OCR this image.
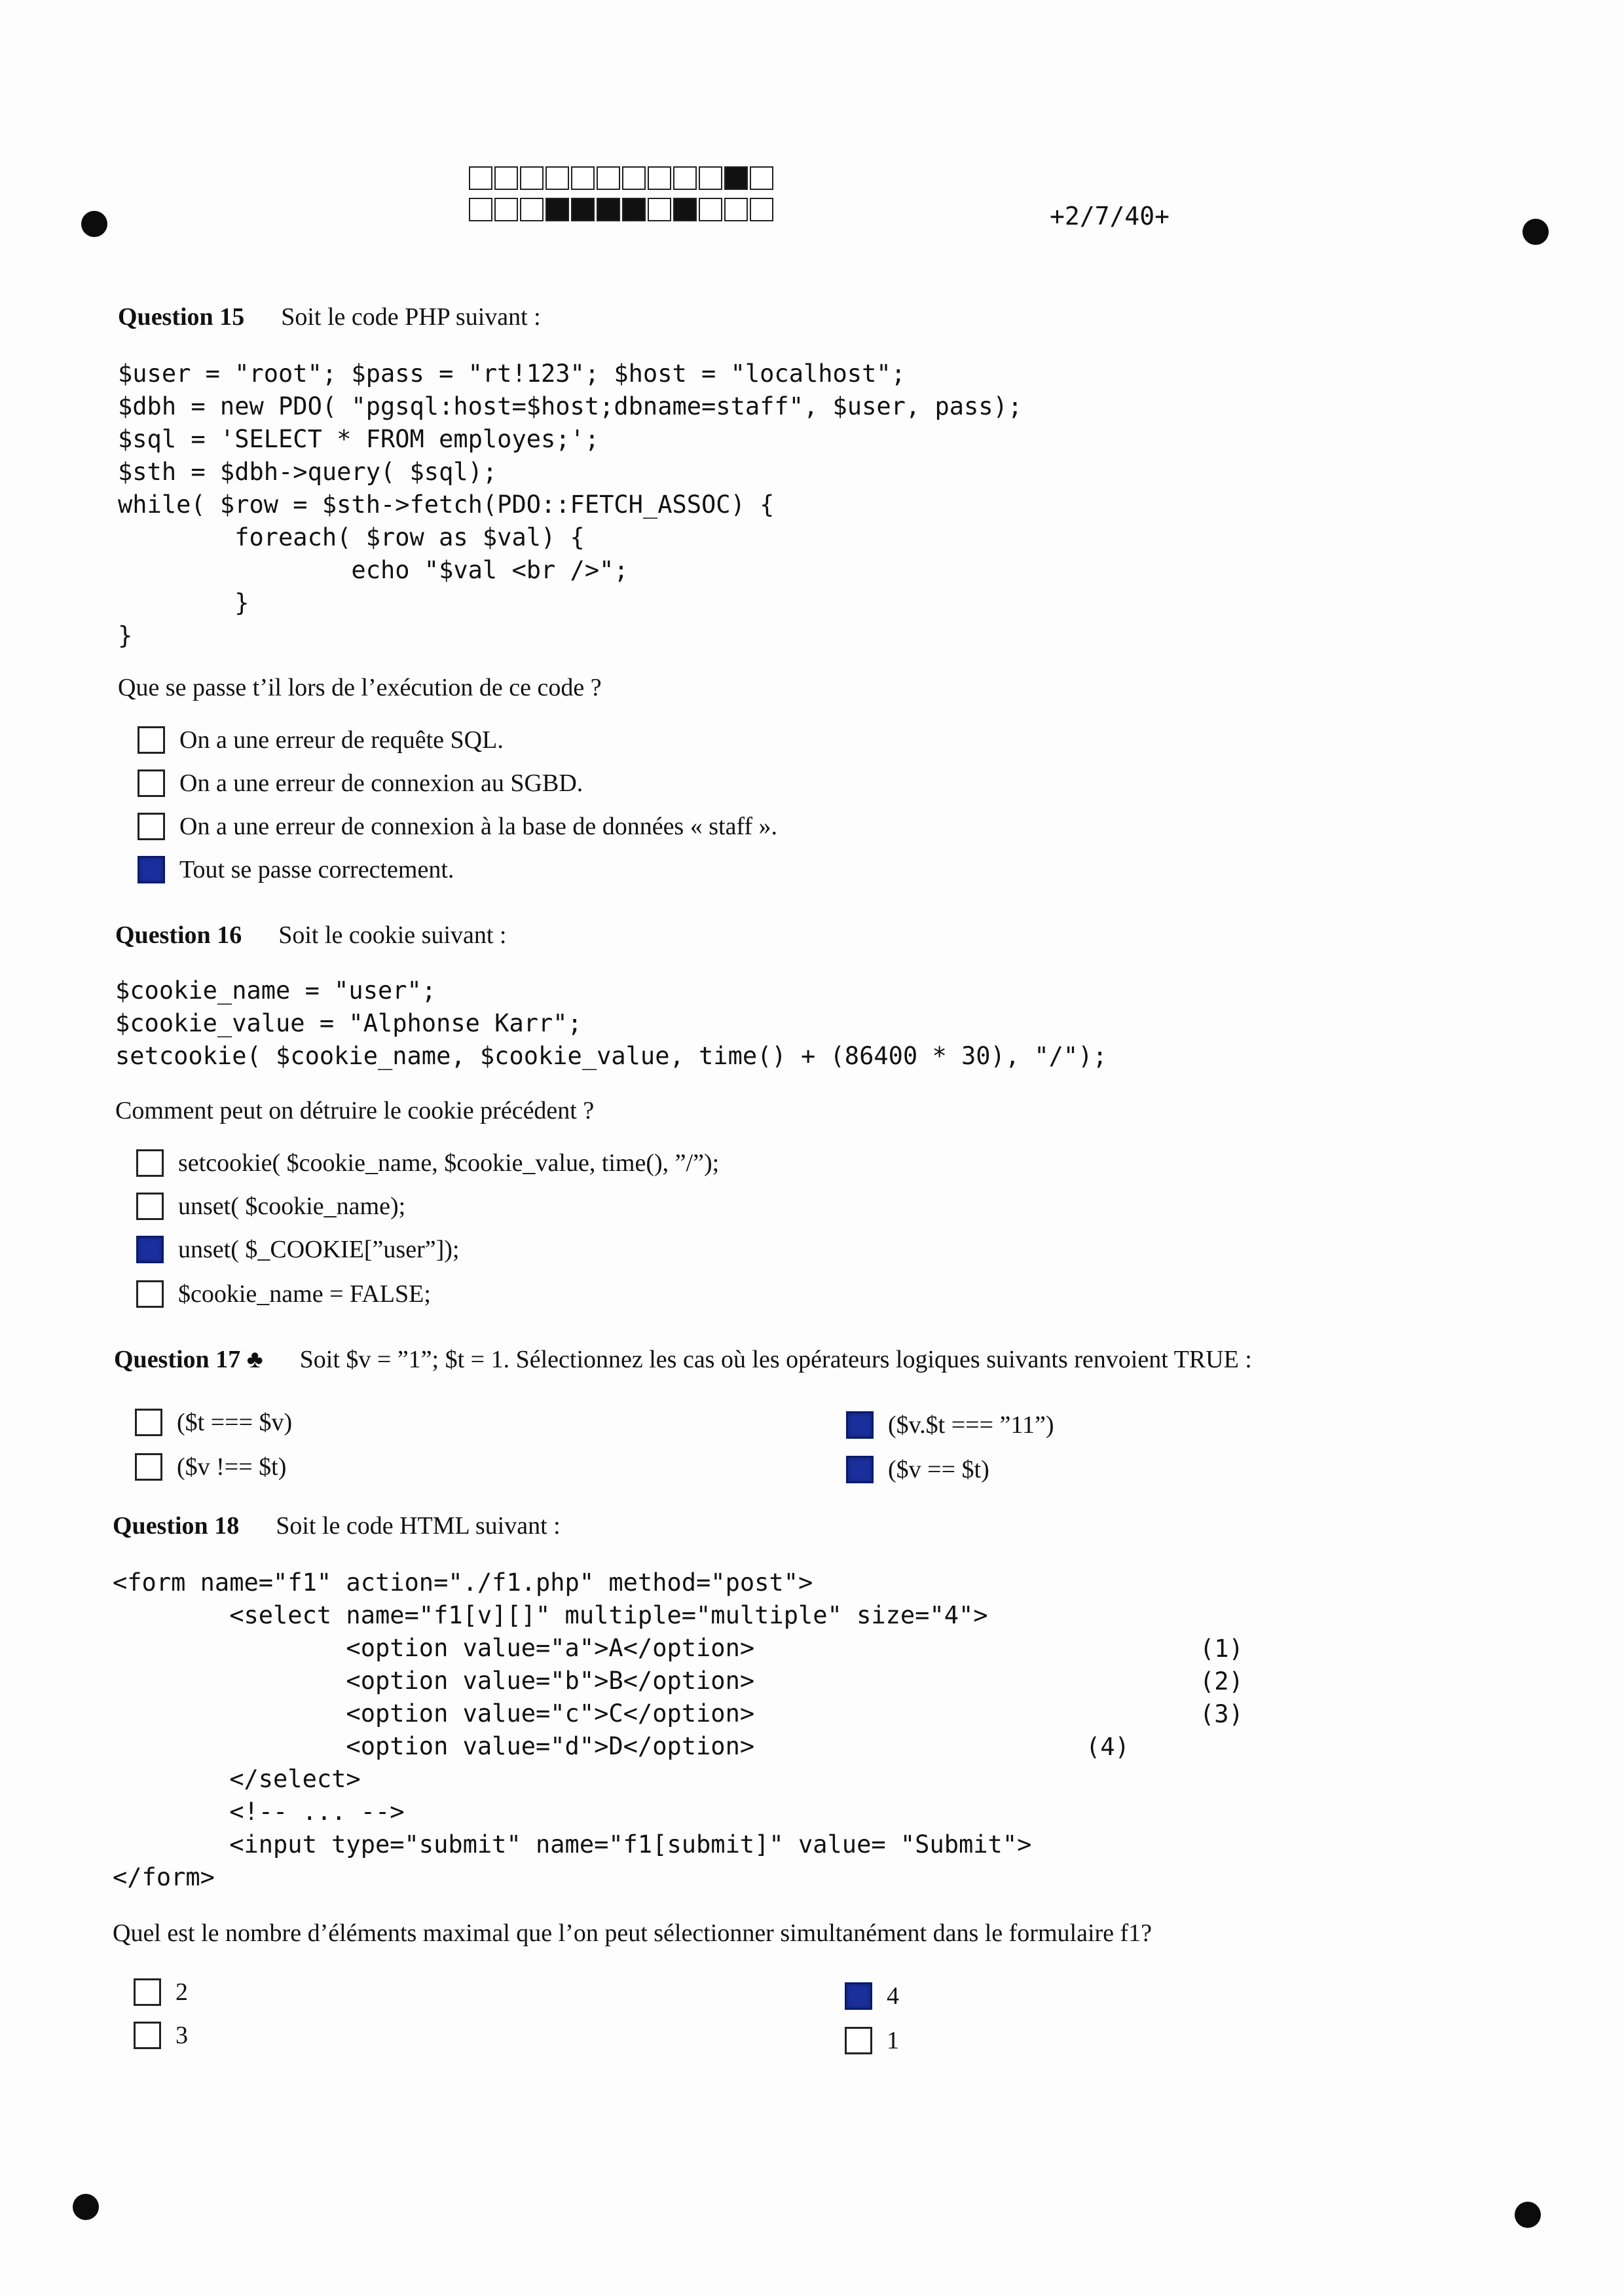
+2/7/40+
Question 15 Soit le code PHP suivant :
$user = "root"; $pass = "rt!123"; $host = "localhost";
$dbh = new PDO( "pgsql:host=$host;dbname=staff", $user, pass);
$sql = 'SELECT * FROM employes;';
$sth = $dbh->query( $sql);
while( $row = $sth->fetch(PDO::FETCH_ASSOC) {
foreach( $row as $val) {
echo "$val <br />";
}
}
Que se passe t’il lors de l’exécution de ce code ?
On a une erreur de requête SQL.
On a une erreur de connexion au SGBD.
On a une erreur de connexion à la base de données « staff ».
Tout se passe correctement.
Question 16 Soit le cookie suivant :
$cookie_name = "user";
$cookie_value = "Alphonse Karr";
setcookie( $cookie_name, $cookie_value, time() + (86400 * 30), "/");
Comment peut on détruire le cookie précédent ?
setcookie( $cookie_name, $cookie_value, time(), ”/”);
unset( $cookie_name);
unset( $_COOKIE[”user”]);
$cookie_name = FALSE;
Question 17 ♣ Soit $v = ”1”; $t = 1. Sélectionnez les cas où les opérateurs logiques suivants renvoient TRUE :
($t === $v)
($v !== $t)
($v.$t === ”11”)
($v == $t)
Question 18 Soit le code HTML suivant :
<form name="f1" action="./f1.php" method="post">
<select name="f1[v][]" multiple="multiple" size="4">
<option value="a">A</option>
<option value="b">B</option>
<option value="c">C</option>
<option value="d">D</option>
</select>
<!-- ... -->
<input type="submit" name="f1[submit]" value= "Submit">
</form>
(1)
(2)
(3)
(4)
Quel est le nombre d’éléments maximal que l’on peut sélectionner simultanément dans le formulaire f1?
2
3
4
1
